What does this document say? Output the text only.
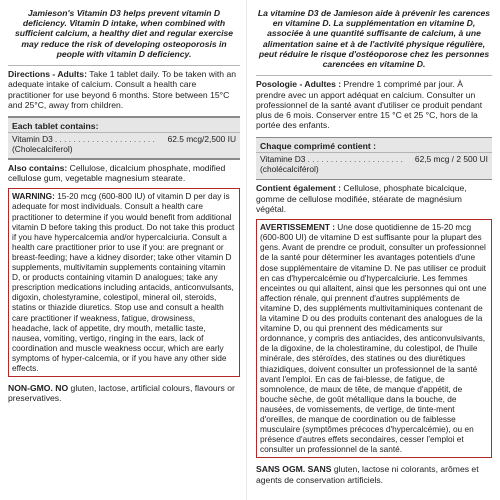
Jamieson's Vitamin D3 helps prevent vitamin D deficiency. Vitamin D intake, when combined with sufficient calcium, a healthy diet and regular exercise may reduce the risk of developing osteoporosis in people with vitamin D deficiency.
Directions - Adults: Take 1 tablet daily. To be taken with an adequate intake of calcium. Consult a health care practitioner for use beyond 6 months. Store between 15°C and 25°C, away from children.
Each tablet contains:
Vitamin D3 . . . . . . . . . . . . . . . . . . . . . .	62.5 mcg/2,500 IU
(Cholecalciferol)
Also contains: Cellulose, dicalcium phosphate, modified cellulose gum, vegetable magnesium stearate.
WARNING: 15-20 mcg (600-800 IU) of vitamin D per day is adequate for most individuals. Consult a health care practitioner to determine if you would benefit from additional vitamin D before taking this product. Do not take this product if you have hypercalcemia and/or hypercalciuria. Consult a health care practitioner prior to use if you: are pregnant or breast-feeding; have a kidney disorder; take other vitamin D supplements, multivitamin supplements containing vitamin D, or products containing vitamin D analogues; take any prescription medications including antacids, anticonvulsants, digoxin, cholestyramine, colestipol, mineral oil, steroids, statins or thiazide diuretics. Stop use and consult a health care practitioner if weakness, fatigue, drowsiness, headache, lack of appetite, dry mouth, metallic taste, nausea, vomiting, vertigo, ringing in the ears, lack of coordination and muscle weakness occur, which are early symptoms of hyper-calcemia, or if you have any other side effects.
NON-GMO. NO gluten, lactose, artificial colours, flavours or preservatives.
La vitamine D3 de Jamieson aide à prévenir les carences en vitamine D. La supplémentation en vitamine D, associée à une quantité suffisante de calcium, à une alimentation saine et à de l'activité physique régulière, peut réduire le risque d'ostéoporose chez les personnes carencées en vitamine D.
Posologie - Adultes : Prendre 1 comprimé par jour. À prendre avec un apport adéquat en calcium. Consulter un professionnel de la santé avant d'utiliser ce produit pendant plus de 6 mois. Conserver entre 15 °C et 25 °C, hors de la portée des enfants.
Chaque comprimé contient :
Vitamine D3 . . . . . . . . . . . . . . . . . . . . .	62,5 mcg / 2 500 UI
(cholécalciférol)
Contient également : Cellulose, phosphate bicalcique, gomme de cellulose modifiée, stéarate de magnésium végétal.
AVERTISSEMENT : Une dose quotidienne de 15-20 mcg (600-800 UI) de vitamine D est suffisante pour la plupart des gens. Avant de prendre ce produit, consulter un professionnel de la santé pour déterminer les avantages potentiels d'une dose supplémentaire de vitamine D. Ne pas utiliser ce produit en cas d'hypercalcémie ou d'hypercalciurie. Les femmes enceintes ou qui allaitent, ainsi que les personnes qui ont une affection rénale, qui prennent d'autres suppléments de vitamine D, des suppléments multivitaminiques contenant de la vitamine D ou des produits contenant des analogues de la vitamine D, ou qui prennent des médicaments sur ordonnance, y compris des antiacides, des anticonvulsivants, de la digoxine, de la cholestiramine, du colestipol, de l'huile minérale, des stéroïdes, des statines ou des diurétiques thiazidiques, doivent consulter un professionnel de la santé avant l'emploi. En cas de fai-blesse, de fatigue, de somnolence, de maux de tête, de manque d'appétit, de bouche sèche, de goût métallique dans la bouche, de nausées, de vomissements, de vertige, de tinte-ment d'oreilles, de manque de coordination ou de faiblesse musculaire (symptômes précoces d'hypercalcémie), ou en présence d'autres effets secondaires, cesser l'emploi et consulter un professionnel de la santé.
SANS OGM. SANS gluten, lactose ni colorants, arômes et agents de conservation artificiels.
